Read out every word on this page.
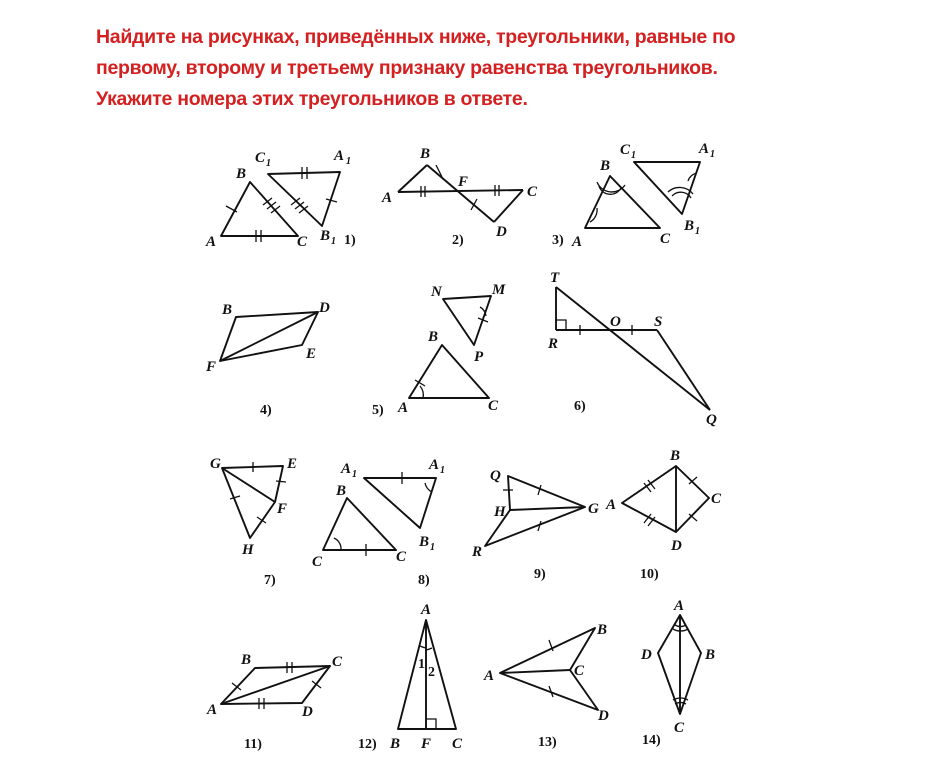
Найдите на рисунках, приведённых ниже, треугольники, равные по
первому, второму и третьему признаку равенства треугольников.
Укажите номера этих треугольников в ответе.
A
B
C
A 1
B 1
C 1
1)
A
B
F
C
D
2)	3) A
B
C
A 1
B 1
C 1
B	D
F
E
4)
N	M
P
B
A	C
5)
T
R
O S
Q
6)
G	E
F
H
7)
A 1
B
C
A 1
B 1
C
8)
Q
H
R
G
9)
A
B
C
D
10)
B	C
A	D
11)
A
1
2
12) B F C
A
B
C
D
13)
A
D	B
C
14)
